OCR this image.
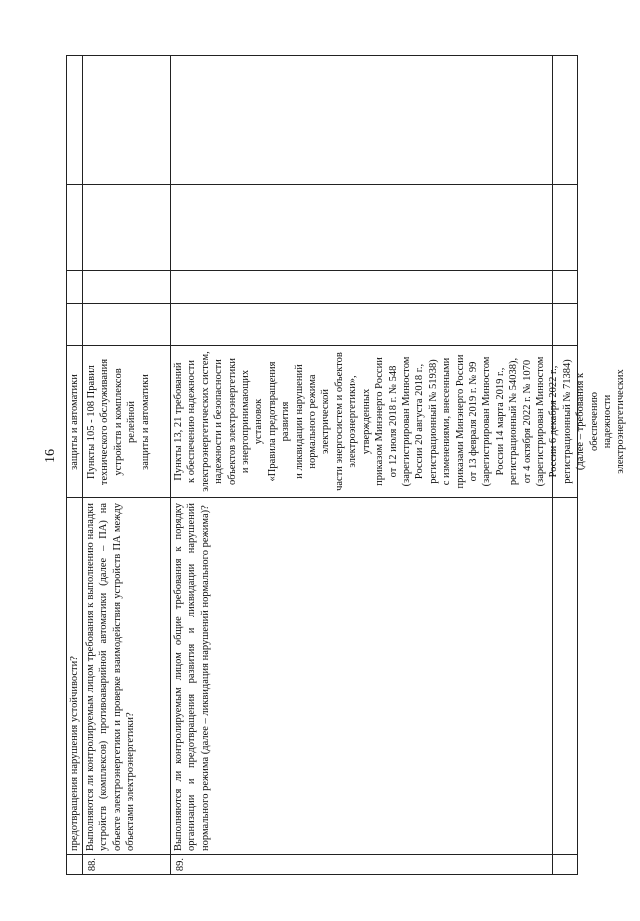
16
предотвращения нарушения устойчивости?
защиты и автоматики
88.
Выполняются ли контролируемым лицом требования к выполнению наладки устройств (комплексов) противоаварийной автоматики (далее – ПА) на объекте электроэнергетики и проверке взаимодействия устройств ПА между объектами электроэнергетики?
Пункты 105 - 108 Правил
технического обслуживания
устройств и комплексов релейной
защиты и автоматики
89.
Выполняются ли контролируемым лицом общие требования к порядку организации и предотвращения развития и ликвидации нарушений нормального режима (далее – ликвидация нарушений нормального режима)?
Пункты 13, 21 требований
к обеспечению надежности
электроэнергетических систем,
надежности и безопасности
объектов электроэнергетики
и энергопринимающих установок
«Правила предотвращения развития
и ликвидации нарушений
нормального режима электрической
части энергосистем и объектов
электроэнергетики», утвержденных
приказом Минэнерго России
от 12 июля 2018 г. № 548
(зарегистрирован Минюстом
России 20 августа 2018 г.,
регистрационный № 51938)
с изменениями, внесенными
приказами Минэнерго России
от 13 февраля 2019 г. № 99
(зарегистрирован Минюстом
России 14 марта 2019 г.,
регистрационный № 54038),
от 4 октября 2022 г. № 1070
(зарегистрирован Минюстом
России 6 декабря 2022 г.,
регистрационный № 71384)
(далее – требования к обеспечению
надежности электроэнергетических
